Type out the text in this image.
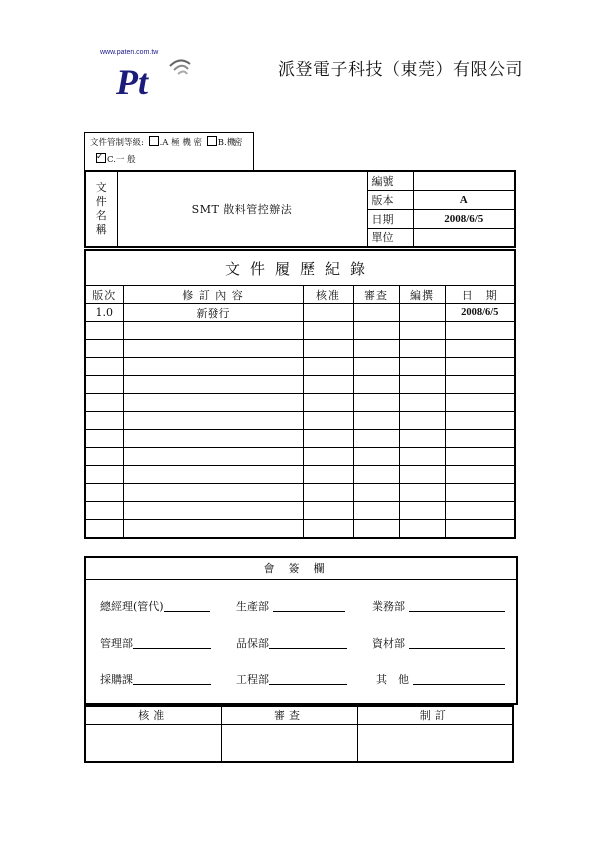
www.paten.com.tw
Pt	派登電子科技（東莞）有限公司
文件管制等級: .A 極 機 密 B.機 密
✓C.一 般
文
件
名
稱	SMT 散料管控辦法	編號	
		版本	A
		日期	2008/6/5
		單位	
文件履歷紀錄					
版次	修 訂 內 容	核准	審查	編撰	日　期
1.0	新發行				2008/6/5

會簽欄
總經理(管代)	生產部	業務部
管理部	品保部	資材部
採購課	工程部	其　他
核准	審查	制訂
